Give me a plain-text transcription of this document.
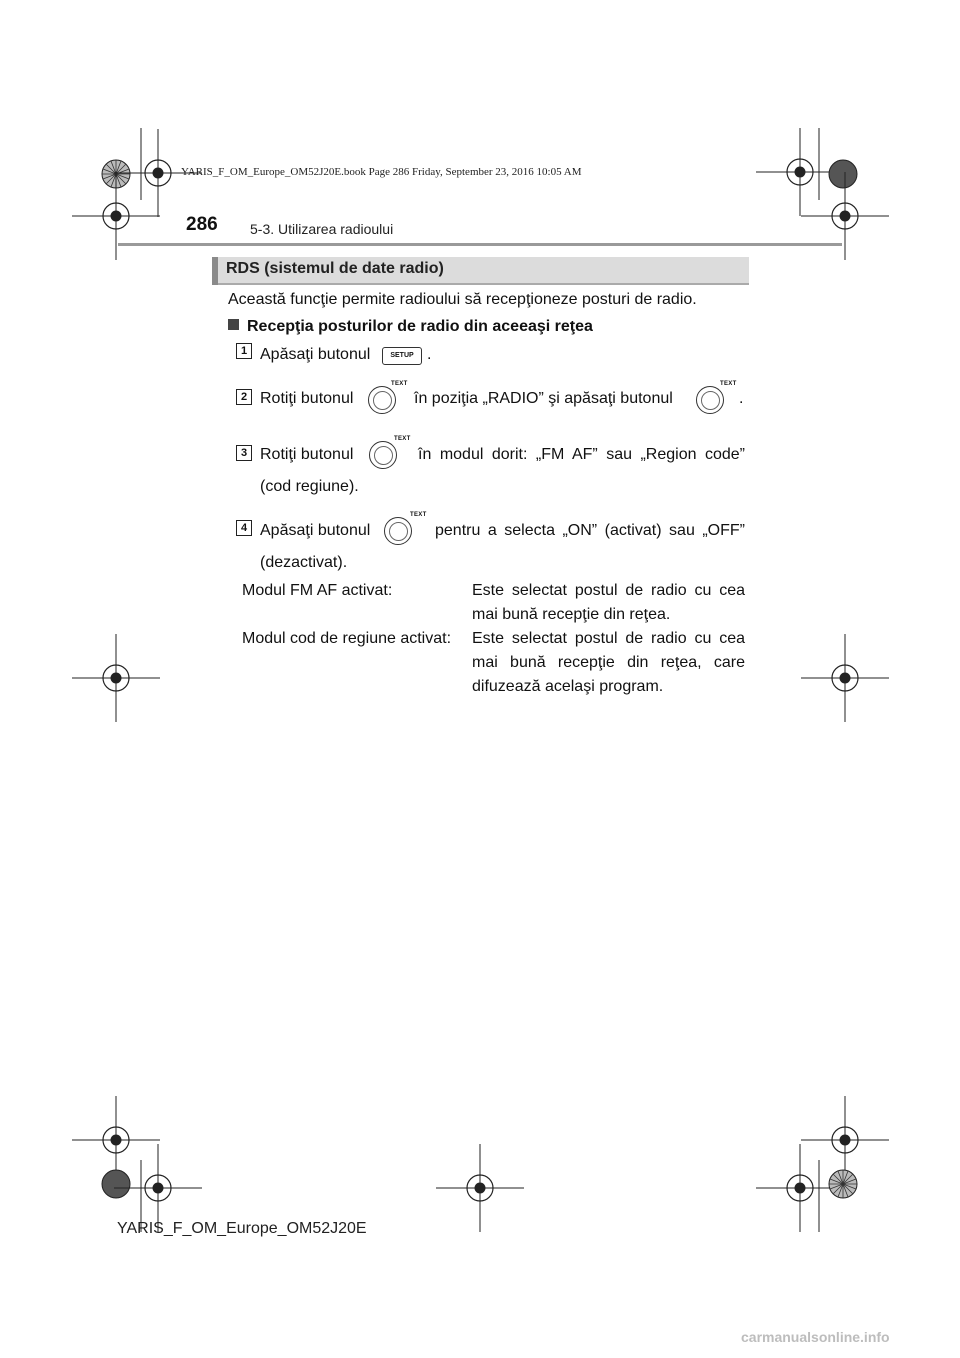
YARIS_F_OM_Europe_OM52J20E.book Page 286 Friday, September 23, 2016 10:05 AM
286 5-3. Utilizarea radioului
RDS (sistemul de date radio)
Această funcţie permite radioului să recepţioneze posturi de radio.
Recepţia posturilor de radio din aceeaşi reţea
1 Apăsaţi butonul	SETUP .
2 Rotiţi butonul
TEXT
în poziţia „RADIO” şi apăsaţi butonul
TEXT
.
3 Rotiţi butonul
TEXT
în modul dorit: „FM AF” sau „Region code”
(cod regiune).
4 Apăsaţi butonul
TEXT
pentru a selecta „ON” (activat) sau „OFF”
(dezactivat).
Modul FM AF activat:	Este selectat postul de radio cu cea mai bună recepţie din reţea.
Modul cod de regiune activat: Este selectat postul de radio cu cea mai bună recepţie din reţea, care difuzează acelaşi program.
YARIS_F_OM_Europe_OM52J20E
carmanualsonline.info
